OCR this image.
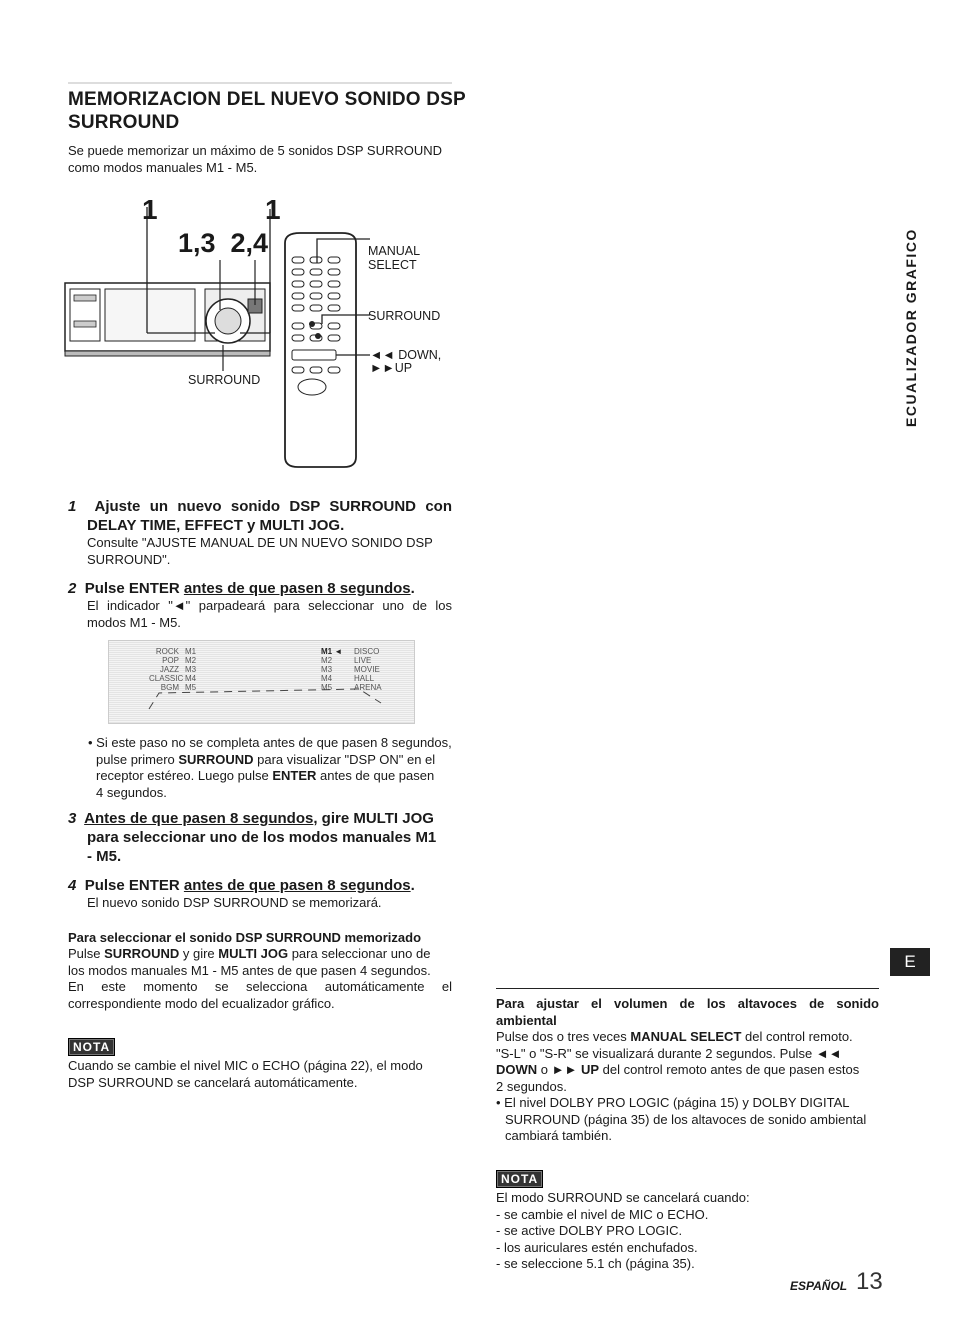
MEMORIZACION DEL NUEVO SONIDO DSP
SURROUND
Se puede memorizar un máximo de 5 sonidos DSP SURROUND
como modos manuales M1 - M5.
1	1
1,3  2,4	MANUAL
SELECT
SURROUND
◄◄ DOWN,
►►UP
SURROUND
1 Ajuste un nuevo sonido DSP SURROUND con
DELAY TIME, EFFECT y MULTI JOG.
Consulte "AJUSTE MANUAL DE UN NUEVO SONIDO DSP
SURROUND".
2 Pulse ENTER antes de que pasen 8 segundos.
El indicador "◄" parpadeará para seleccionar uno de los
modos M1 - M5.
ROCK
POP
JAZZ
CLASSIC
BGM
M1
M2
M3
M4
M5
M1 ◄
M2
M3
M4
M5
DISCO
LIVE
MOVIE
HALL
ARENA
• Si este paso no se completa antes de que pasen 8 segundos,
pulse primero SURROUND para visualizar "DSP ON" en el
receptor estéreo. Luego pulse ENTER antes de que pasen
4 segundos.
3 Antes de que pasen 8 segundos, gire MULTI JOG
para seleccionar uno de los modos manuales M1
- M5.
4 Pulse ENTER antes de que pasen 8 segundos.
El nuevo sonido DSP SURROUND se memorizará.
Para seleccionar el sonido DSP SURROUND memorizado
Pulse SURROUND y gire MULTI JOG para seleccionar uno de
los modos manuales M1 - M5 antes de que pasen 4 segundos.
En este momento se selecciona automáticamente el
correspondiente modo del ecualizador gráfico.
NOTA
Cuando se cambie el nivel MIC o ECHO (página 22), el modo
DSP SURROUND se cancelará automáticamente.
ECUALIZADOR GRAFICO
E
Para ajustar el volumen de los altavoces de sonido
ambiental
Pulse dos o tres veces MANUAL SELECT del control remoto.
"S-L" o "S-R" se visualizará durante 2 segundos. Pulse ◄◄
DOWN o ►► UP del control remoto antes de que pasen estos
2 segundos.
• El nivel DOLBY PRO LOGIC (página 15) y DOLBY DIGITAL
SURROUND (página 35) de los altavoces de sonido ambiental
cambiará también.
NOTA
El modo SURROUND se cancelará cuando:
- se cambie el nivel de MIC o ECHO.
- se active DOLBY PRO LOGIC.
- los auriculares estén enchufados.
- se seleccione 5.1 ch (página 35).
ESPAÑOL 13
